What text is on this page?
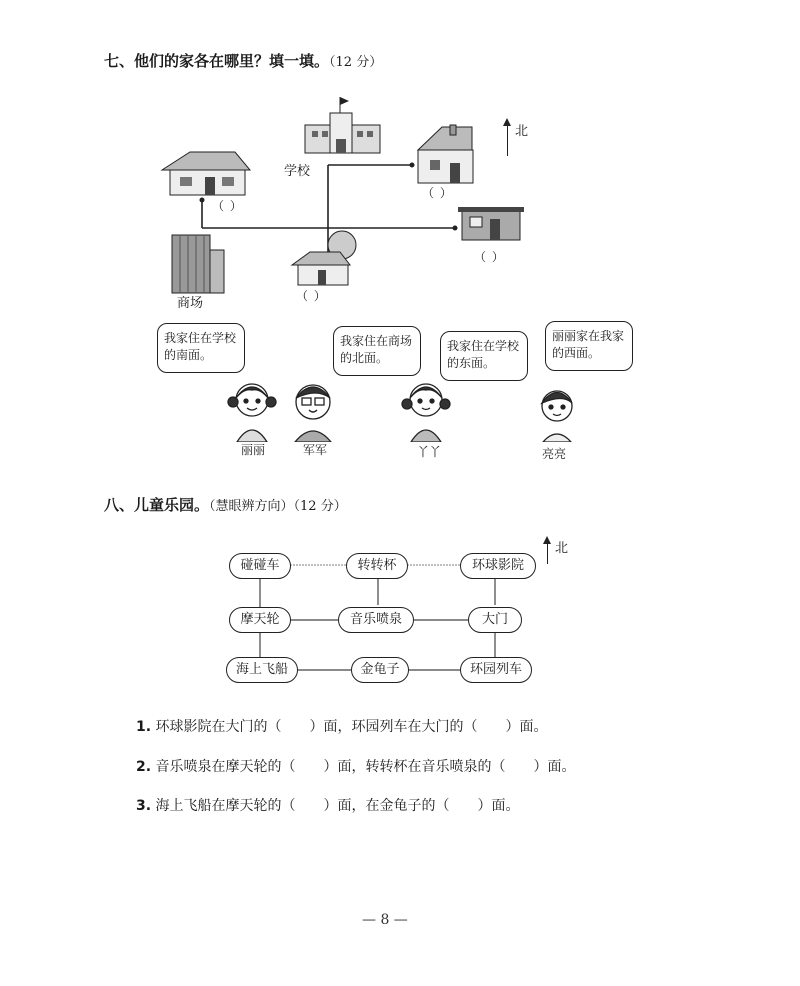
七、他们的家各在哪里？填一填。（12 分）
学校
商场
北
（ ）
（ ）
（ ）
（ ）
我家住在学校的南面。
我家住在商场的北面。
我家住在学校的东面。
丽丽家在我家的西面。
丽丽	军军	丫丫	亮亮
八、儿童乐园。（慧眼辨方向）（12 分）
碰碰车	转转杯	环球影院
摩天轮	音乐喷泉	大门
海上飞船	金龟子	环园列车
北
1. 环球影院在大门的（ ）面，环园列车在大门的（ ）面。
2. 音乐喷泉在摩天轮的（ ）面，转转杯在音乐喷泉的（ ）面。
3. 海上飞船在摩天轮的（ ）面，在金龟子的（ ）面。
— 8 —
